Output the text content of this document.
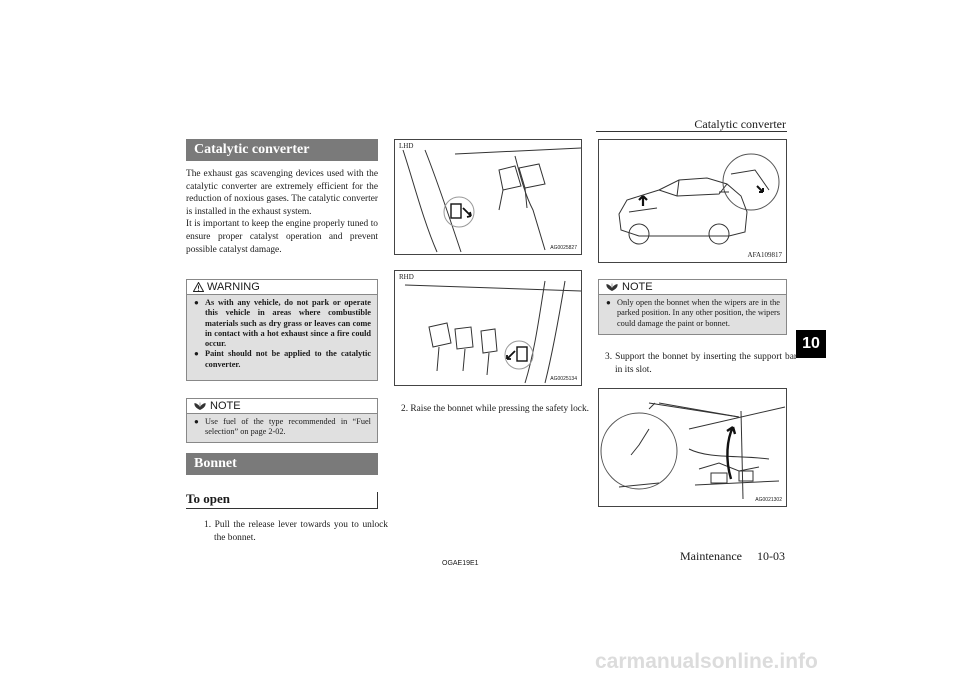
Catalytic converter
10
Catalytic converter
The exhaust gas scavenging devices used with the catalytic converter are extremely efficient for the reduction of noxious gases. The catalytic converter is installed in the exhaust system.
It is important to keep the engine properly tuned to ensure proper catalyst operation and prevent possible catalyst damage.
WARNING
● As with any vehicle, do not park or operate this vehicle in areas where combustible materials such as dry grass or leaves can come in contact with a hot exhaust since a fire could occur.
● Paint should not be applied to the catalytic converter.
NOTE
● Use fuel of the type recommended in “Fuel selection” on page 2-02.
Bonnet
To open
1. Pull the release lever towards you to unlock the bonnet.
LHD
AG0025827
RHD
AG0025134
2. Raise the bonnet while pressing the safety lock.
AFA109817
NOTE
● Only open the bonnet when the wipers are in the parked position. In any other position, the wipers could damage the paint or bonnet.
3. Support the bonnet by inserting the support bar in its slot.
AG0021302
OGAE19E1
Maintenance 10-03
carmanualsonline.info
